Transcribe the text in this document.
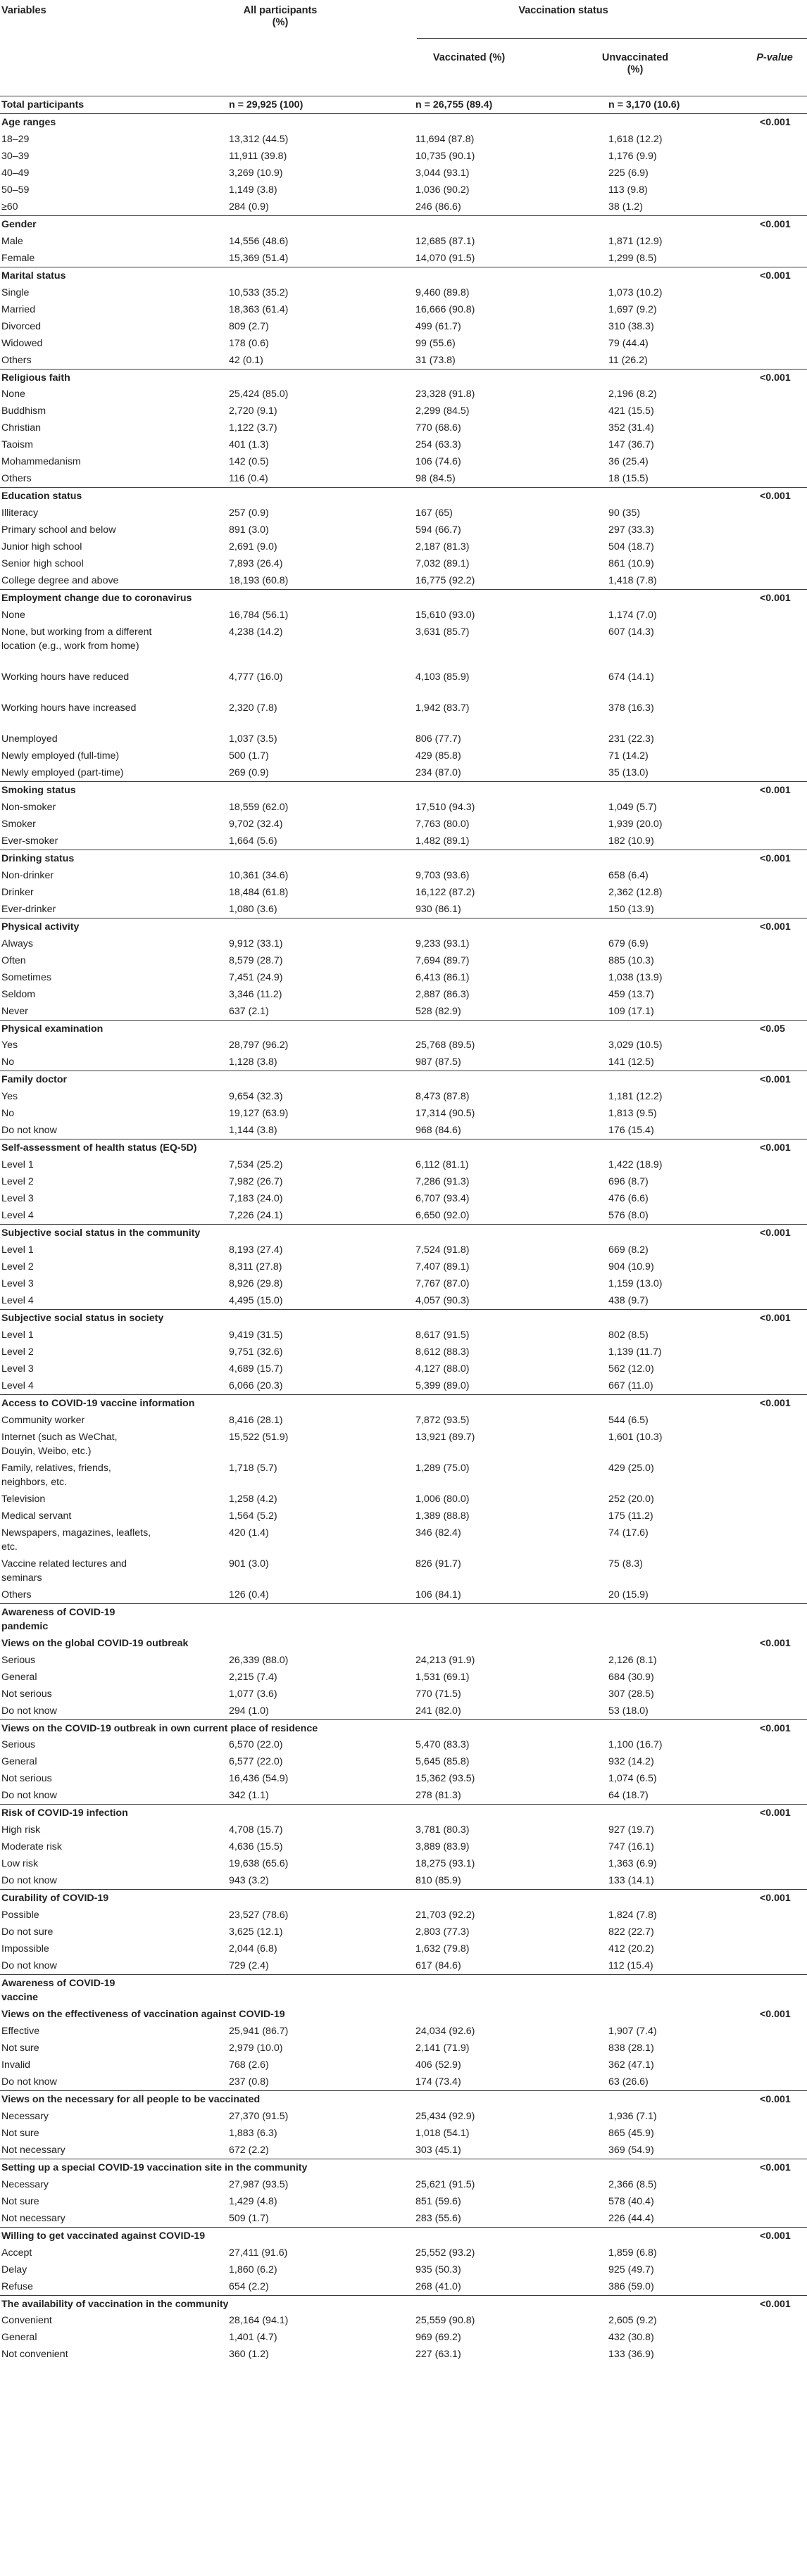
Variables	All participants
(%)
Vaccination status
Vaccinated (%)	Unvaccinated
(%)
P-value
Total participants	n = 29,925 (100)	n = 26,755 (89.4)	n = 3,170 (10.6)
Age ranges	<0.001
18–29	13,312 (44.5)	11,694 (87.8)	1,618 (12.2)
30–39	11,911 (39.8)	10,735 (90.1)	1,176 (9.9)
40–49	3,269 (10.9)	3,044 (93.1)	225 (6.9)
50–59	1,149 (3.8)	1,036 (90.2)	113 (9.8)
≥60	284 (0.9)	246 (86.6)	38 (1.2)
Gender	<0.001
Male	14,556 (48.6)	12,685 (87.1)	1,871 (12.9)
Female	15,369 (51.4)	14,070 (91.5)	1,299 (8.5)
Marital status	<0.001
Single	10,533 (35.2)	9,460 (89.8)	1,073 (10.2)
Married	18,363 (61.4)	16,666 (90.8)	1,697 (9.2)
Divorced	809 (2.7)	499 (61.7)	310 (38.3)
Widowed	178 (0.6)	99 (55.6)	79 (44.4)
Others	42 (0.1)	31 (73.8)	11 (26.2)
Religious faith	<0.001
None	25,424 (85.0)	23,328 (91.8)	2,196 (8.2)
Buddhism	2,720 (9.1)	2,299 (84.5)	421 (15.5)
Christian	1,122 (3.7)	770 (68.6)	352 (31.4)
Taoism	401 (1.3)	254 (63.3)	147 (36.7)
Mohammedanism	142 (0.5)	106 (74.6)	36 (25.4)
Others	116 (0.4)	98 (84.5)	18 (15.5)
Education status	<0.001
Illiteracy	257 (0.9)	167 (65)	90 (35)
Primary school and below	891 (3.0)	594 (66.7)	297 (33.3)
Junior high school	2,691 (9.0)	2,187 (81.3)	504 (18.7)
Senior high school	7,893 (26.4)	7,032 (89.1)	861 (10.9)
College degree and above	18,193 (60.8)	16,775 (92.2)	1,418 (7.8)
Employment change due to coronavirus	<0.001
None	16,784 (56.1)	15,610 (93.0)	1,174 (7.0)
None, but working from a different location (e.g., work from home)
4,238 (14.2)	3,631 (85.7)	607 (14.3)
Working hours have reduced	4,777 (16.0)	4,103 (85.9)	674 (14.1)
Working hours have increased	2,320 (7.8)	1,942 (83.7)	378 (16.3)
Unemployed	1,037 (3.5)	806 (77.7)	231 (22.3)
Newly employed (full-time)	500 (1.7)	429 (85.8)	71 (14.2)
Newly employed (part-time)	269 (0.9)	234 (87.0)	35 (13.0)
Smoking status	<0.001
Non-smoker	18,559 (62.0)	17,510 (94.3)	1,049 (5.7)
Smoker	9,702 (32.4)	7,763 (80.0)	1,939 (20.0)
Ever-smoker	1,664 (5.6)	1,482 (89.1)	182 (10.9)
Drinking status	<0.001
Non-drinker	10,361 (34.6)	9,703 (93.6)	658 (6.4)
Drinker	18,484 (61.8)	16,122 (87.2)	2,362 (12.8)
Ever-drinker	1,080 (3.6)	930 (86.1)	150 (13.9)
Physical activity	<0.001
Always	9,912 (33.1)	9,233 (93.1)	679 (6.9)
Often	8,579 (28.7)	7,694 (89.7)	885 (10.3)
Sometimes	7,451 (24.9)	6,413 (86.1)	1,038 (13.9)
Seldom	3,346 (11.2)	2,887 (86.3)	459 (13.7)
Never	637 (2.1)	528 (82.9)	109 (17.1)
Physical examination	<0.05
Yes	28,797 (96.2)	25,768 (89.5)	3,029 (10.5)
No	1,128 (3.8)	987 (87.5)	141 (12.5)
Family doctor	<0.001
Yes	9,654 (32.3)	8,473 (87.8)	1,181 (12.2)
No	19,127 (63.9)	17,314 (90.5)	1,813 (9.5)
Do not know	1,144 (3.8)	968 (84.6)	176 (15.4)
Self-assessment of health status (EQ-5D)	<0.001
Level 1	7,534 (25.2)	6,112 (81.1)	1,422 (18.9)
Level 2	7,982 (26.7)	7,286 (91.3)	696 (8.7)
Level 3	7,183 (24.0)	6,707 (93.4)	476 (6.6)
Level 4	7,226 (24.1)	6,650 (92.0)	576 (8.0)
Subjective social status in the community	<0.001
Level 1	8,193 (27.4)	7,524 (91.8)	669 (8.2)
Level 2	8,311 (27.8)	7,407 (89.1)	904 (10.9)
Level 3	8,926 (29.8)	7,767 (87.0)	1,159 (13.0)
Level 4	4,495 (15.0)	4,057 (90.3)	438 (9.7)
Subjective social status in society	<0.001
Level 1	9,419 (31.5)	8,617 (91.5)	802 (8.5)
Level 2	9,751 (32.6)	8,612 (88.3)	1,139 (11.7)
Level 3	4,689 (15.7)	4,127 (88.0)	562 (12.0)
Level 4	6,066 (20.3)	5,399 (89.0)	667 (11.0)
Access to COVID-19 vaccine information	<0.001
Community worker	8,416 (28.1)	7,872 (93.5)	544 (6.5)
Internet (such as WeChat, Douyin, Weibo, etc.)
15,522 (51.9)	13,921 (89.7)	1,601 (10.3)
Family, relatives, friends, neighbors, etc.
1,718 (5.7)	1,289 (75.0)	429 (25.0)
Television	1,258 (4.2)	1,006 (80.0)	252 (20.0)
Medical servant	1,564 (5.2)	1,389 (88.8)	175 (11.2)
Newspapers, magazines, leaflets, etc.
420 (1.4)	346 (82.4)	74 (17.6)
Vaccine related lectures and seminars
901 (3.0)	826 (91.7)	75 (8.3)
Others	126 (0.4)	106 (84.1)	20 (15.9)
Awareness of COVID-19 pandemic
Views on the global COVID-19 outbreak	<0.001
Serious	26,339 (88.0)	24,213 (91.9)	2,126 (8.1)
General	2,215 (7.4)	1,531 (69.1)	684 (30.9)
Not serious	1,077 (3.6)	770 (71.5)	307 (28.5)
Do not know	294 (1.0)	241 (82.0)	53 (18.0)
Views on the COVID-19 outbreak in own current place of residence	<0.001
Serious	6,570 (22.0)	5,470 (83.3)	1,100 (16.7)
General	6,577 (22.0)	5,645 (85.8)	932 (14.2)
Not serious	16,436 (54.9)	15,362 (93.5)	1,074 (6.5)
Do not know	342 (1.1)	278 (81.3)	64 (18.7)
Risk of COVID-19 infection	<0.001
High risk	4,708 (15.7)	3,781 (80.3)	927 (19.7)
Moderate risk	4,636 (15.5)	3,889 (83.9)	747 (16.1)
Low risk	19,638 (65.6)	18,275 (93.1)	1,363 (6.9)
Do not know	943 (3.2)	810 (85.9)	133 (14.1)
Curability of COVID-19	<0.001
Possible	23,527 (78.6)	21,703 (92.2)	1,824 (7.8)
Do not sure	3,625 (12.1)	2,803 (77.3)	822 (22.7)
Impossible	2,044 (6.8)	1,632 (79.8)	412 (20.2)
Do not know	729 (2.4)	617 (84.6)	112 (15.4)
Awareness of COVID-19 vaccine
Views on the effectiveness of vaccination against COVID-19	<0.001
Effective	25,941 (86.7)	24,034 (92.6)	1,907 (7.4)
Not sure	2,979 (10.0)	2,141 (71.9)	838 (28.1)
Invalid	768 (2.6)	406 (52.9)	362 (47.1)
Do not know	237 (0.8)	174 (73.4)	63 (26.6)
Views on the necessary for all people to be vaccinated	<0.001
Necessary	27,370 (91.5)	25,434 (92.9)	1,936 (7.1)
Not sure	1,883 (6.3)	1,018 (54.1)	865 (45.9)
Not necessary	672 (2.2)	303 (45.1)	369 (54.9)
Setting up a special COVID-19 vaccination site in the community	<0.001
Necessary	27,987 (93.5)	25,621 (91.5)	2,366 (8.5)
Not sure	1,429 (4.8)	851 (59.6)	578 (40.4)
Not necessary	509 (1.7)	283 (55.6)	226 (44.4)
Willing to get vaccinated against COVID-19	<0.001
Accept	27,411 (91.6)	25,552 (93.2)	1,859 (6.8)
Delay	1,860 (6.2)	935 (50.3)	925 (49.7)
Refuse	654 (2.2)	268 (41.0)	386 (59.0)
The availability of vaccination in the community	<0.001
Convenient	28,164 (94.1)	25,559 (90.8)	2,605 (9.2)
General	1,401 (4.7)	969 (69.2)	432 (30.8)
Not convenient	360 (1.2)	227 (63.1)	133 (36.9)
